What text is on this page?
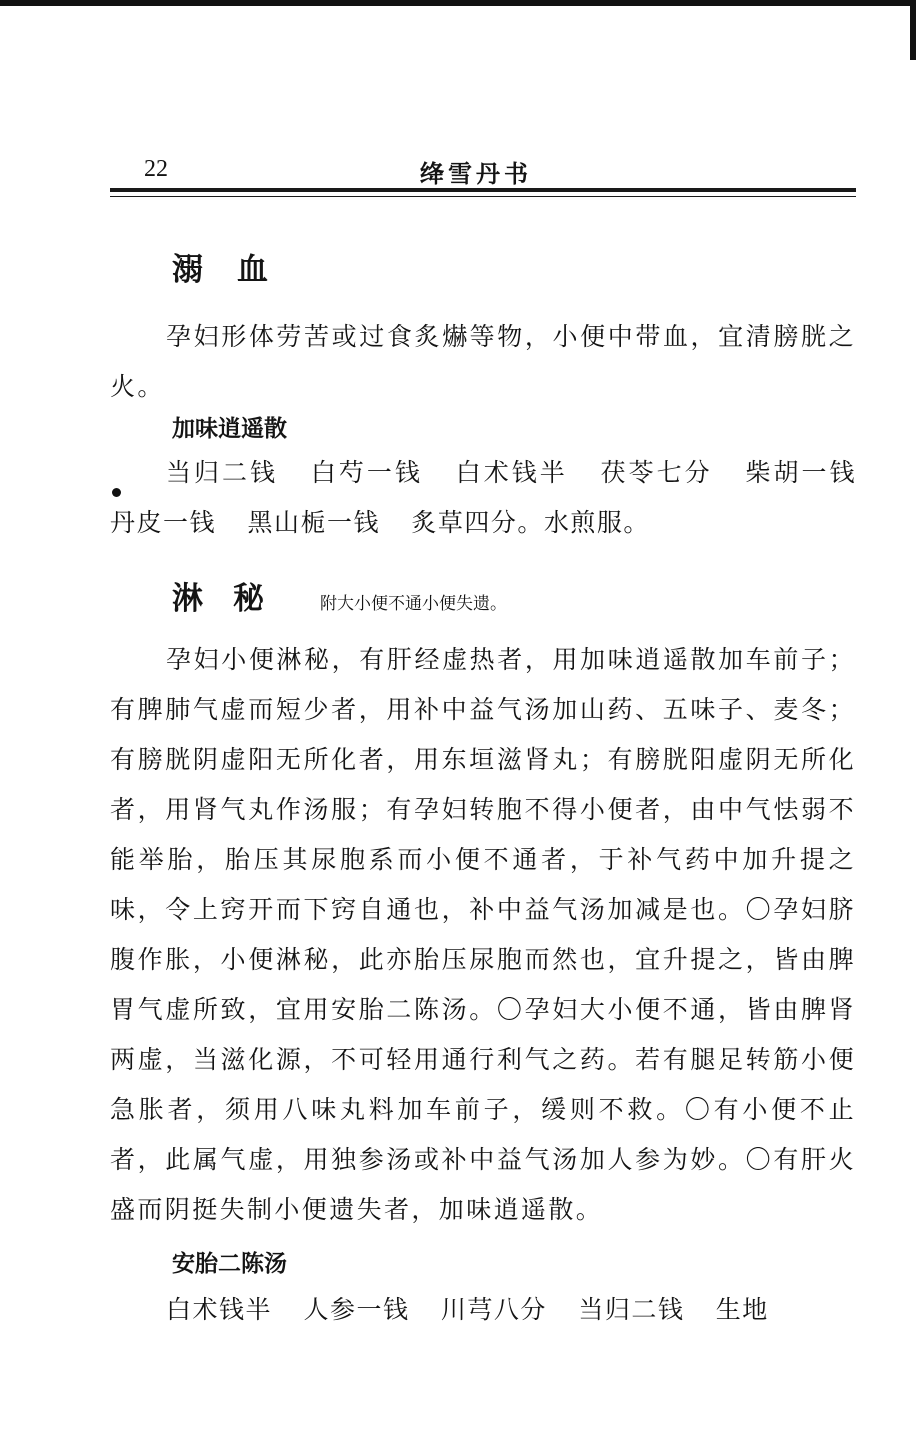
22	绛雪丹书
溺血

孕妇形体劳苦或过食炙爀等物，小便中带血，宜清膀胱之火。

加味逍遥散

当归二钱 白芍一钱 白术钱半 茯苓七分 柴胡一钱 丹皮一钱 黑山栀一钱 炙草四分。水煎服。

淋秘 附大小便不通小便失遗。

孕妇小便淋秘，有肝经虚热者，用加味逍遥散加车前子；有脾肺气虚而短少者，用补中益气汤加山药、五味子、麦冬；有膀胱阴虚阳无所化者，用东垣滋肾丸；有膀胱阳虚阴无所化者，用肾气丸作汤服；有孕妇转胞不得小便者，由中气怯弱不能举胎，胎压其尿胞系而小便不通者，于补气药中加升提之味，令上窍开而下窍自通也，补中益气汤加减是也。〇孕妇脐腹作胀，小便淋秘，此亦胎压尿胞而然也，宜升提之，皆由脾胃气虚所致，宜用安胎二陈汤。〇孕妇大小便不通，皆由脾肾两虚，当滋化源，不可轻用通行利气之药。若有腿足转筋小便急胀者，须用八味丸料加车前子，缓则不救。〇有小便不止者，此属气虚，用独参汤或补中益气汤加人参为妙。〇有肝火盛而阴挺失制小便遗失者，加味逍遥散。

安胎二陈汤

白术钱半 人参一钱 川芎八分 当归二钱 生地
